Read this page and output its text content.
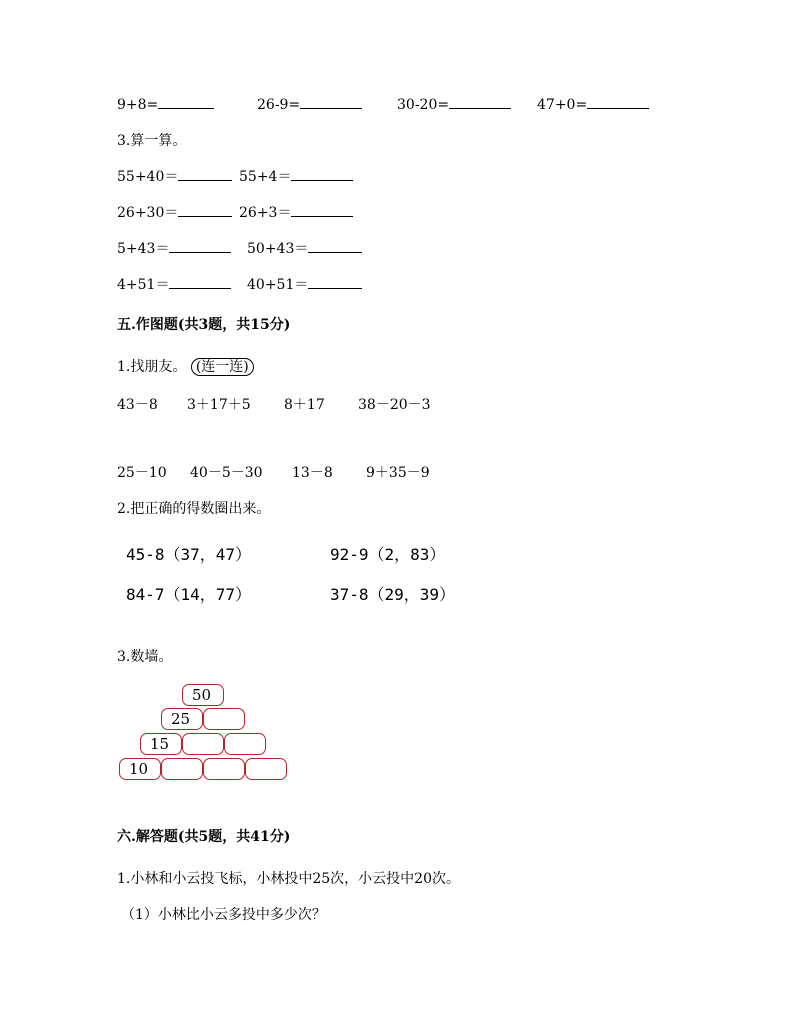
9+8=	26-9=	30-20=	47+0=
3.算一算。
55+40＝	55+4＝
26+30＝	26+3＝
5+43＝	50+43＝
4+51＝	40+51＝
五.作图题(共3题，共15分)
1.找朋友。 (连一连)
43－8 3＋17＋5 8＋17 38－20－3
25－10 40－5－30 13－8 9＋35－9
2.把正确的得数圈出来。
45-8（37，47）	92-9（2，83）
84-7（14，77）	37-8（29，39）
3.数墙。
50
25
15
10
六.解答题(共5题，共41分)
1.小林和小云投飞标，小林投中25次，小云投中20次。
（1）小林比小云多投中多少次？
